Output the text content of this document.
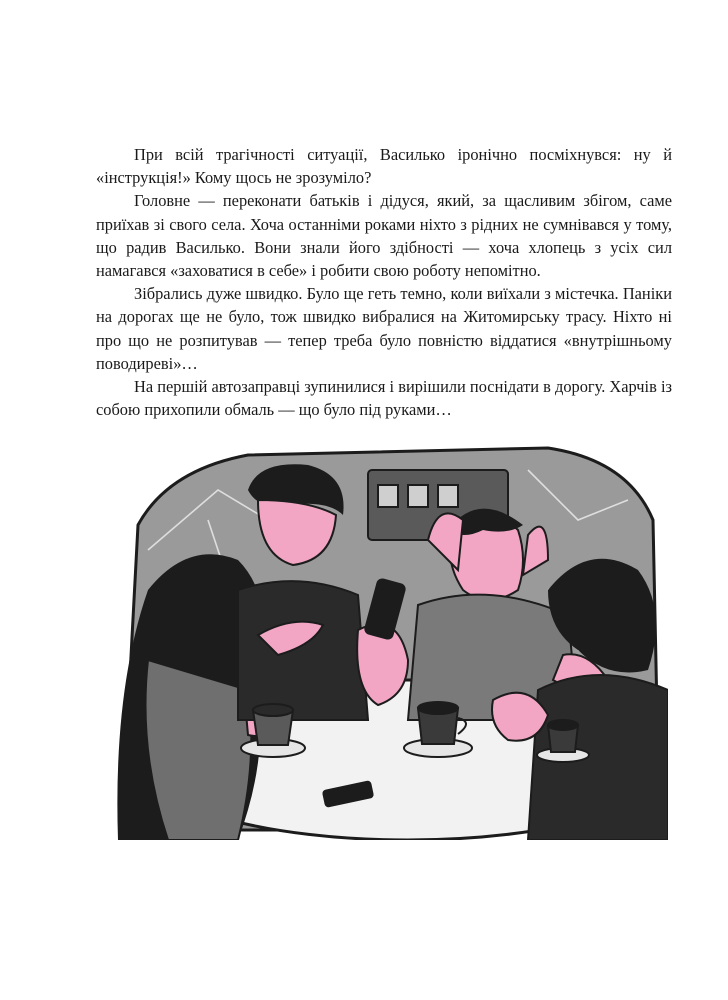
При всій трагічності ситуації, Василько іронічно посміхнувся: ну й «інструкція!» Кому щось не зрозуміло?

Головне — переконати батьків і дідуся, який, за щасливим збігом, саме приїхав зі свого села. Хоча останніми роками ніхто з рідних не сумнівався у тому, що радив Василько. Вони знали його здібності — хоча хлопець з усіх сил намагався «заховатися в себе» і робити свою роботу непомітно.

Зібрались дуже швидко. Було ще геть темно, коли виїхали з містечка. Паніки на дорогах ще не було, тож швидко вибралися на Житомирську трасу. Ніхто ні про що не розпитував — тепер треба було повністю віддатися «внутрішньому поводиреві»…

На першій автозаправці зупинилися і вирішили поснідати в дорогу. Харчів із собою прихопили обмаль — що було під руками…
